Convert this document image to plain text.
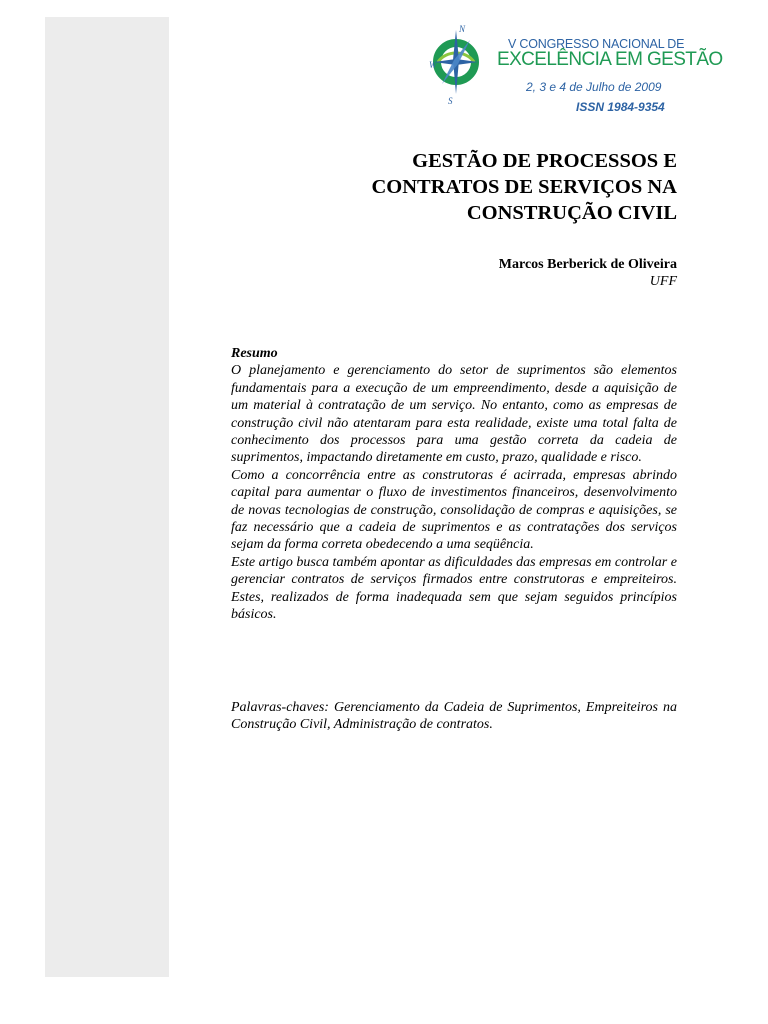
N
W
S
V CONGRESSO NACIONAL DE
EXCELÊNCIA EM GESTÃO
2, 3 e 4 de Julho de 2009
ISSN 1984-9354
GESTÃO DE PROCESSOS E
CONTRATOS DE SERVIÇOS NA
CONSTRUÇÃO CIVIL
Marcos Berberick de Oliveira
UFF
Resumo

O planejamento e gerenciamento do setor de suprimentos são elementos fundamentais para a execução de um empreendimento, desde a aquisição de um material à contratação de um serviço. No entanto, como as empresas de construção civil não atentaram para esta realidade, existe uma total falta de conhecimento dos processos para uma gestão correta da cadeia de suprimentos, impactando diretamente em custo, prazo, qualidade e risco.

Como a concorrência entre as construtoras é acirrada, empresas abrindo capital para aumentar o fluxo de investimentos financeiros, desenvolvimento de novas tecnologias de construção, consolidação de compras e aquisições, se faz necessário que a cadeia de suprimentos e as contratações dos serviços sejam da forma correta obedecendo a uma seqüência.

Este artigo busca também apontar as dificuldades das empresas em controlar e gerenciar contratos de serviços firmados entre construtoras e empreiteiros. Estes, realizados de forma inadequada sem que sejam seguidos princípios básicos.

Palavras-chaves: Gerenciamento da Cadeia de Suprimentos, Empreiteiros na Construção Civil, Administração de contratos.
